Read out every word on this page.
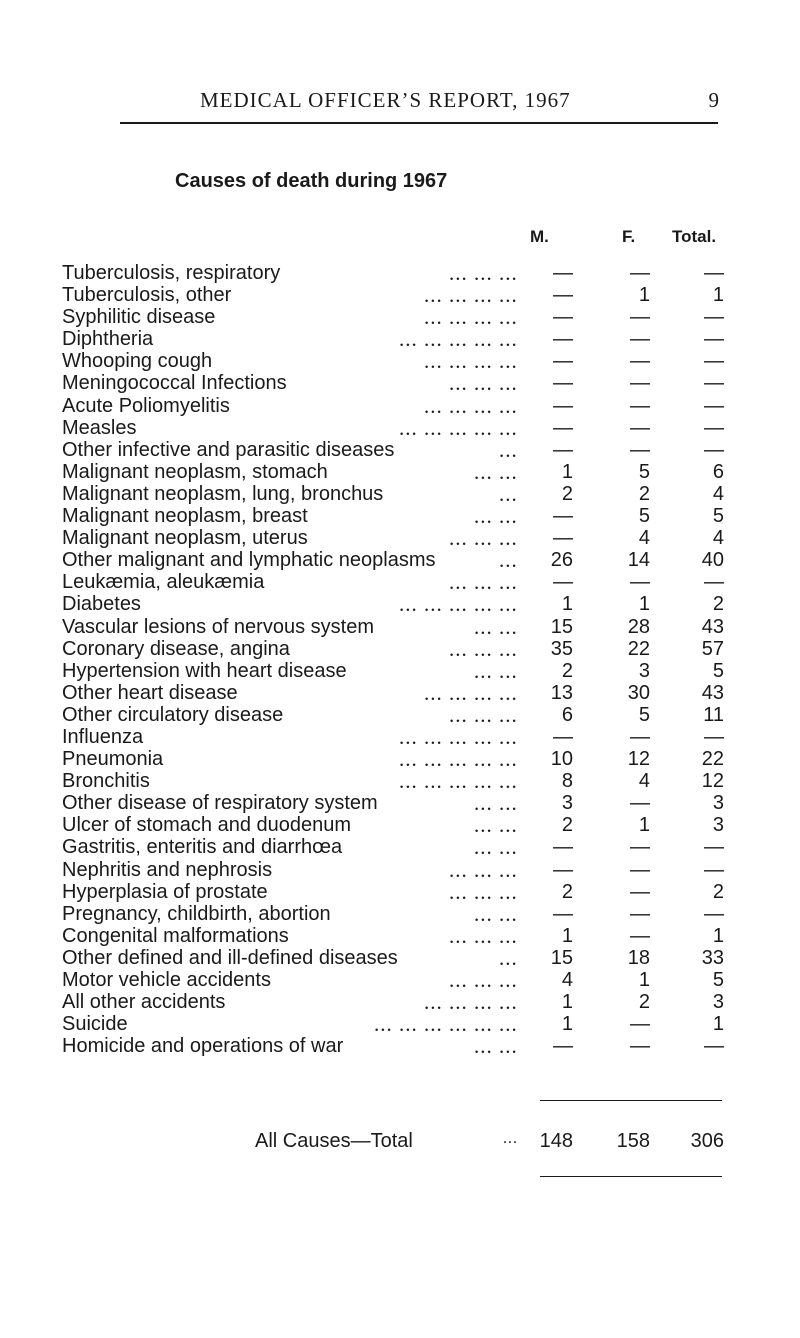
MEDICAL OFFICER’S REPORT, 1967	9
Causes of death during 1967
M.	F. Total.
Tuberculosis, respiratory	... ... ...	—	—	—
Tuberculosis, other	... ... ... ...	—	1	1
Syphilitic disease	... ... ... ...	—	—	—
Diphtheria	... ... ... ... ...	—	—	—
Whooping cough	... ... ... ...	—	—	—
Meningococcal Infections	... ... ...	—	—	—
Acute Poliomyelitis	... ... ... ...	—	—	—
Measles	... ... ... ... ...	—	—	—
Other infective and parasitic diseases	...	—	—	—
Malignant neoplasm, stomach	... ...	1	5	6
Malignant neoplasm, lung, bronchus	...	2	2	4
Malignant neoplasm, breast	... ...	—	5	5
Malignant neoplasm, uterus	... ... ...	—	4	4
Other malignant and lymphatic neoplasms	...	26	14	40
Leukæmia, aleukæmia	... ... ...	—	—	—
Diabetes	... ... ... ... ...	1	1	2
Vascular lesions of nervous system	... ...	15	28	43
Coronary disease, angina	... ... ...	35	22	57
Hypertension with heart disease	... ...	2	3	5
Other heart disease	... ... ... ...	13	30	43
Other circulatory disease	... ... ...	6	5	11
Influenza	... ... ... ... ...	—	—	—
Pneumonia	... ... ... ... ...	10	12	22
Bronchitis	... ... ... ... ...	8	4	12
Other disease of respiratory system	... ...	3	—	3
Ulcer of stomach and duodenum	... ...	2	1	3
Gastritis, enteritis and diarrhœa	... ...	—	—	—
Nephritis and nephrosis	... ... ...	—	—	—
Hyperplasia of prostate	... ... ...	2	—	2
Pregnancy, childbirth, abortion	... ...	—	—	—
Congenital malformations	... ... ...	1	—	1
Other defined and ill-defined diseases	...	15	18	33
Motor vehicle accidents	... ... ...	4	1	5
All other accidents	... ... ... ...	1	2	3
Suicide	... ... ... ... ... ...	1	—	1
Homicide and operations of war	... ...	—	—	—
All Causes—Total	...	148	158	306
